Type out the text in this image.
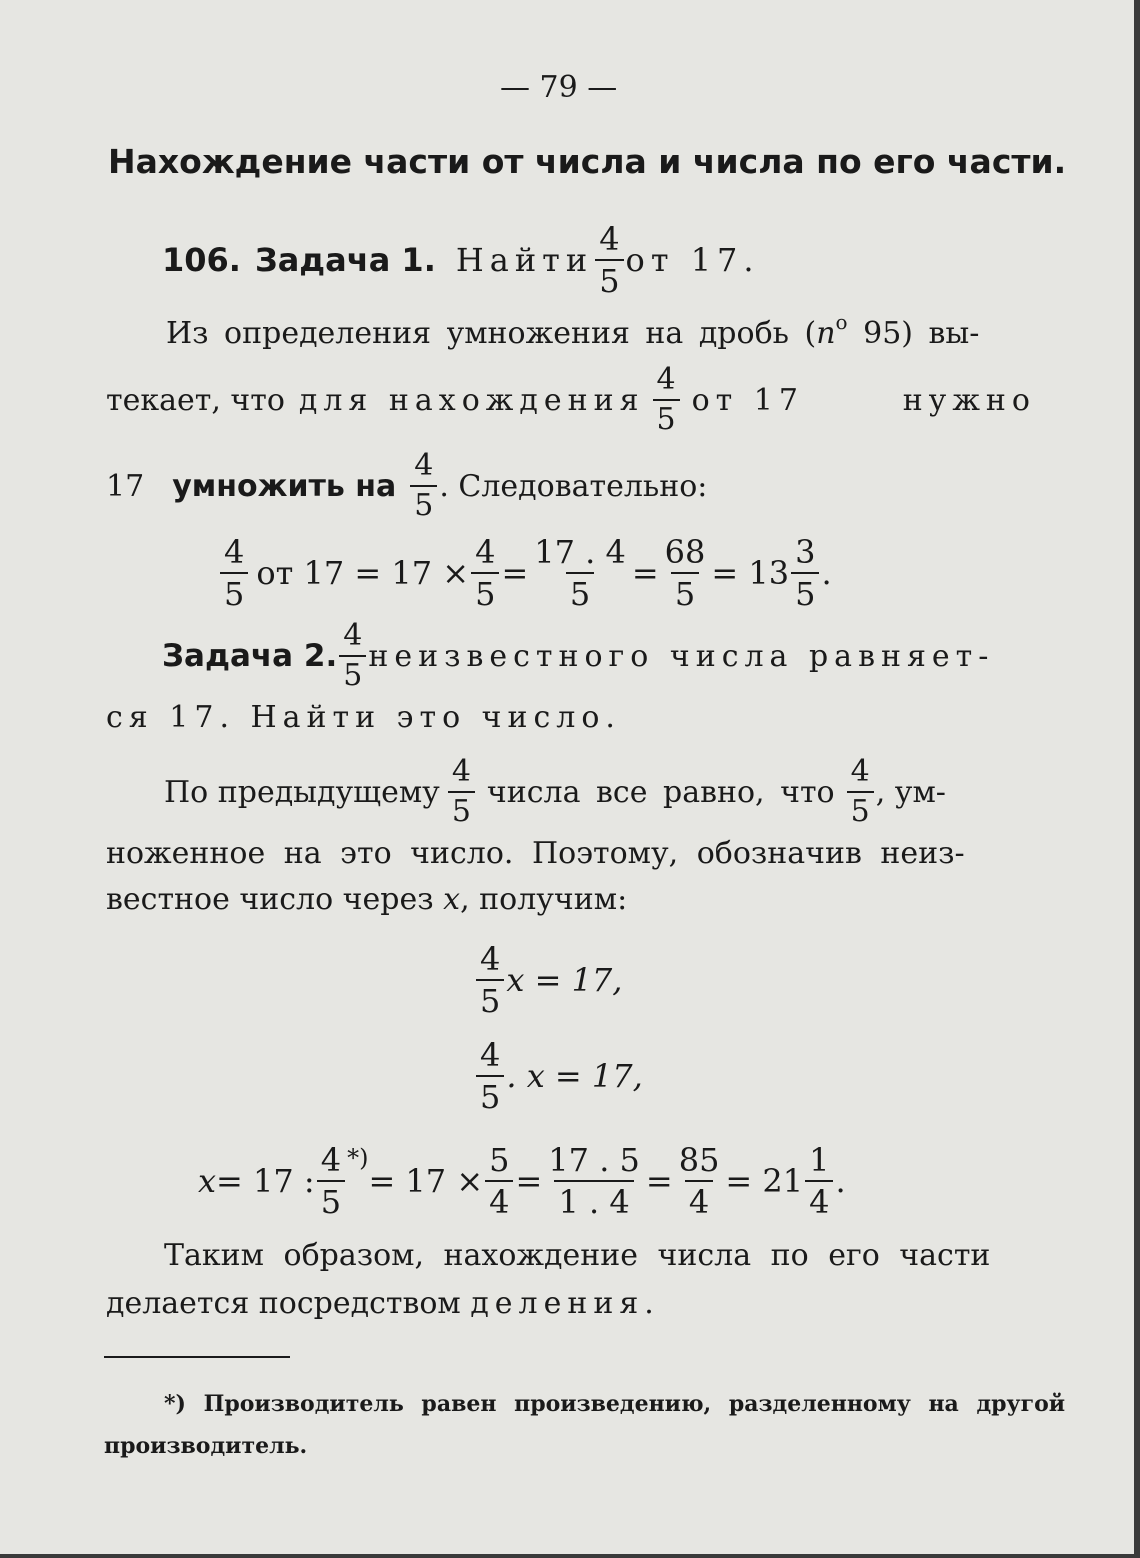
— 79 —
Нахождение части от числа и числа по его части.
106. Задача 1. Найти $\frac{4}{5}$ от 17.
Из определения умножения на дробь ($n^o$ 95) вы-
текает, что для нахождения $\frac{4}{5}$ от 17	нужно
17 умножить на $\frac{4}{5}$ . Следовательно:
$\frac{4}{5}$ от $17 = 17 \times \frac{4}{5} = \frac{17 . 4}{5} = \frac{68}{5} = 13 \frac{3}{5}$ .
Задача 2. $\frac{4}{5}$ неизвестного числа равняет-
ся 17. Найти это число.
По предыдущему $\frac{4}{5}$ числа все равно, что $\frac{4}{5}$ , ум-
ноженное на это число. Поэтому, обозначив неиз-
вестное число через x, получим:
$\frac{4}{5}$ x = 17,
$\frac{4}{5}$ . x = 17,
x = 17 : $\frac{4}{5}$ *)
= $17 \times \frac{5}{4} = \frac{17 . 5}{1 . 4} = \frac{85}{4} = 21 \frac{1}{4}$ .
Таким образом, нахождение числа по его части
делается посредством деления.
*) Производитель равен произведению, разделенному на другой
производитель.
